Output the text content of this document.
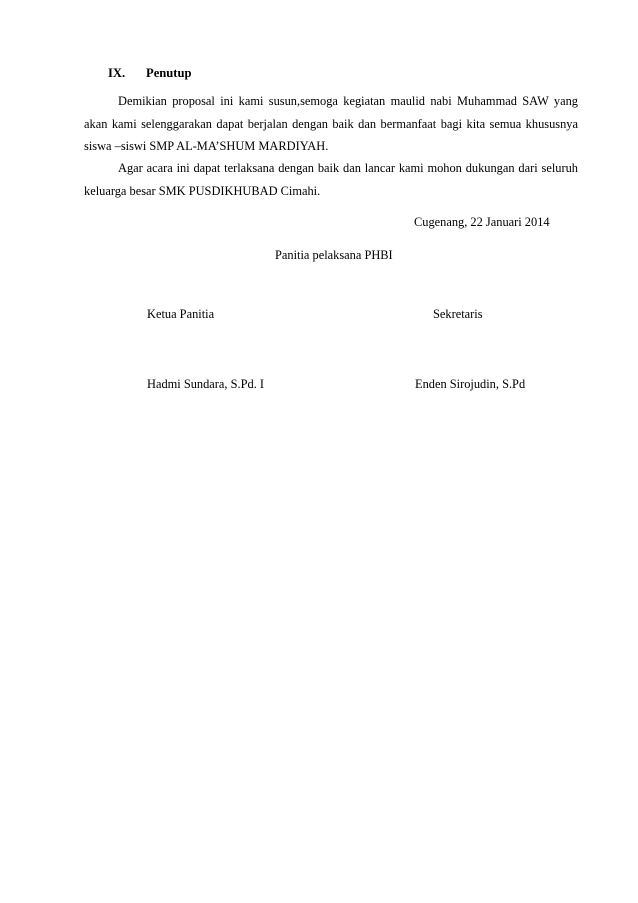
IX. Penutup

Demikian proposal ini kami susun,semoga kegiatan maulid nabi Muhammad SAW yang akan kami selenggarakan dapat berjalan dengan baik dan bermanfaat bagi kita semua khususnya siswa –siswi SMP AL-MA’SHUM MARDIYAH.

Agar acara ini dapat terlaksana dengan baik dan lancar kami mohon dukungan dari seluruh keluarga besar SMK PUSDIKHUBAD Cimahi.

Cugenang, 22 Januari 2014
Panitia pelaksana PHBI
Ketua Panitia	Sekretaris
Hadmi Sundara, S.Pd. I	Enden Sirojudin, S.Pd
